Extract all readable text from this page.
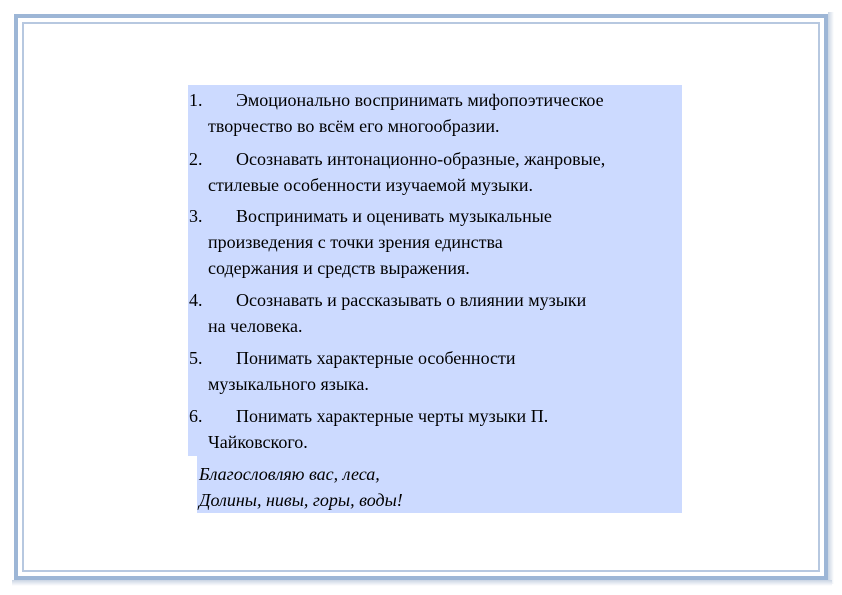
1. Эмоционально воспринимать мифопоэтическое
творчество во всём его многообразии.
2. Осознавать интонационно-образные, жанровые,
стилевые особенности изучаемой музыки.
3. Воспринимать и оценивать музыкальные
произведения с точки зрения единства
содержания и средств выражения.
4. Осознавать и рассказывать о влиянии музыки
на человека.
5. Понимать характерные особенности
музыкального языка.
6. Понимать характерные черты музыки П.
Чайковского.
Благословляю вас, леса,
Долины, нивы, горы, воды!
